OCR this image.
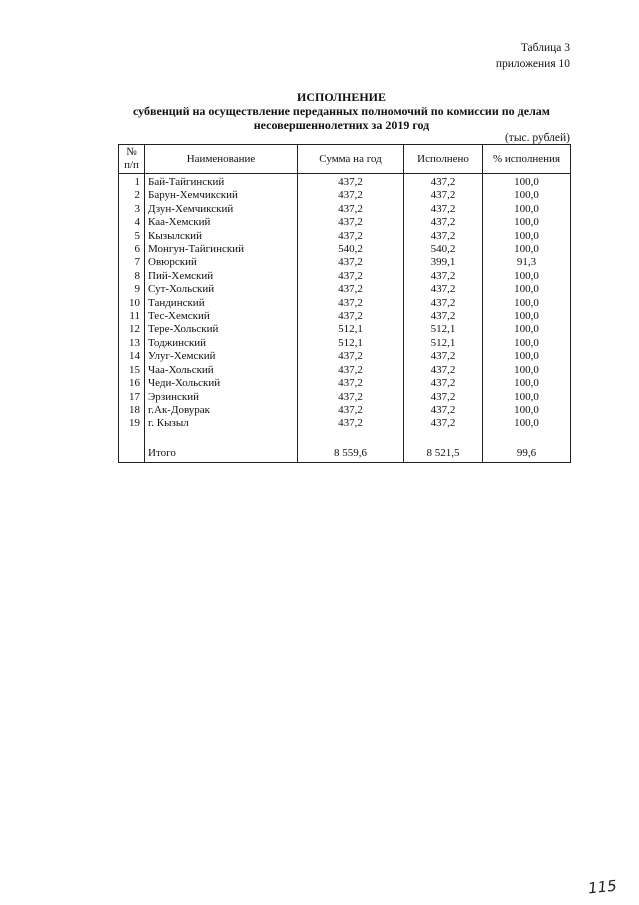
Таблица 3
приложения 10
ИСПОЛНЕНИЕ
субвенций на осуществление переданных полномочий по комиссии по делам
несовершеннолетних за 2019 год
(тыс. рублей)
№ п/п	Наименование	Сумма на год	Исполнено	% исполнения
1	Бай-Тайгинский	437,2	437,2	100,0
2	Барун-Хемчикский	437,2	437,2	100,0
3	Дзун-Хемчикский	437,2	437,2	100,0
4	Каа-Хемский	437,2	437,2	100,0
5	Кызылский	437,2	437,2	100,0
6	Монгун-Тайгинский	540,2	540,2	100,0
7	Овюрский	437,2	399,1	91,3
8	Пий-Хемский	437,2	437,2	100,0
9	Сут-Хольский	437,2	437,2	100,0
10	Тандинский	437,2	437,2	100,0
11	Тес-Хемский	437,2	437,2	100,0
12	Тере-Хольский	512,1	512,1	100,0
13	Тоджинский	512,1	512,1	100,0
14	Улуг-Хемский	437,2	437,2	100,0
15	Чаа-Хольский	437,2	437,2	100,0
16	Чеди-Хольский	437,2	437,2	100,0
17	Эрзинский	437,2	437,2	100,0
18	г.Ак-Довурак	437,2	437,2	100,0
19	г. Кызыл	437,2	437,2	100,0

	Итого	8 559,6	8 521,5	99,6
115
